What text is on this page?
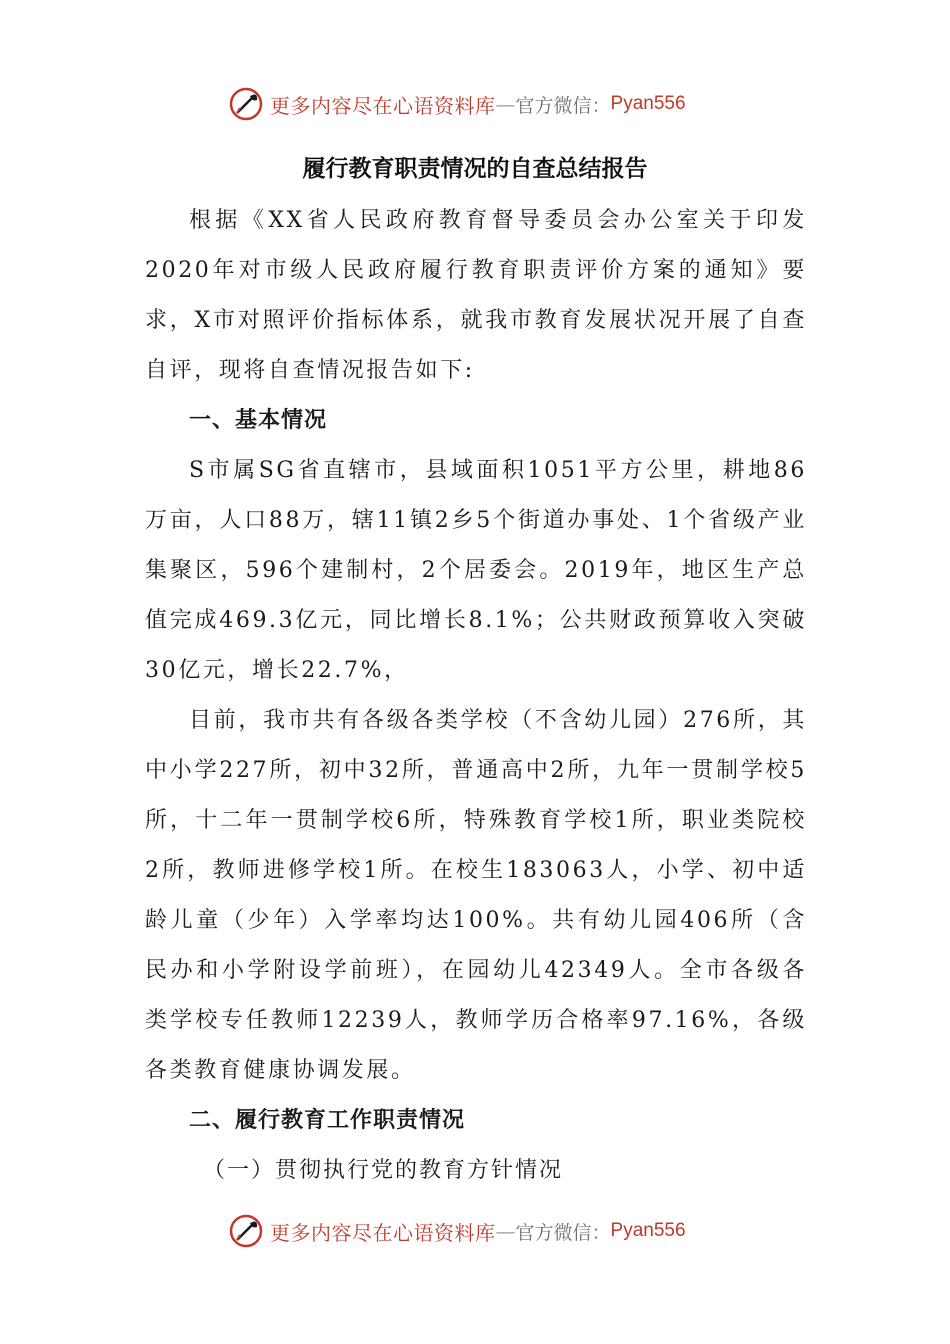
更多内容尽在心语资料库 — 官方微信： Pyan556
履行教育职责情况的自查总结报告

根据《XX省人民政府教育督导委员会办公室关于印发2020年对市级人民政府履行教育职责评价方案的通知》要求，X市对照评价指标体系，就我市教育发展状况开展了自查自评，现将自查情况报告如下:

一、基本情况

S市属SG省直辖市，县域面积1051平方公里，耕地86万亩，人口88万，辖11镇2乡5个街道办事处、1个省级产业集聚区，596个建制村，2个居委会。2019年，地区生产总值完成469.3亿元，同比增长8.1%；公共财政预算收入突破30亿元，增长22.7%，

目前，我市共有各级各类学校（不含幼儿园）276所，其中小学227所，初中32所，普通高中2所，九年一贯制学校5所，十二年一贯制学校6所，特殊教育学校1所，职业类院校2所，教师进修学校1所。在校生183063人，小学、初中适龄儿童（少年）入学率均达100%。共有幼儿园406所（含民办和小学附设学前班），在园幼儿42349人。全市各级各类学校专任教师12239人，教师学历合格率97.16%，各级各类教育健康协调发展。

二、履行教育工作职责情况

（一）贯彻执行党的教育方针情况

更多内容尽在心语资料库 — 官方微信： Pyan556
